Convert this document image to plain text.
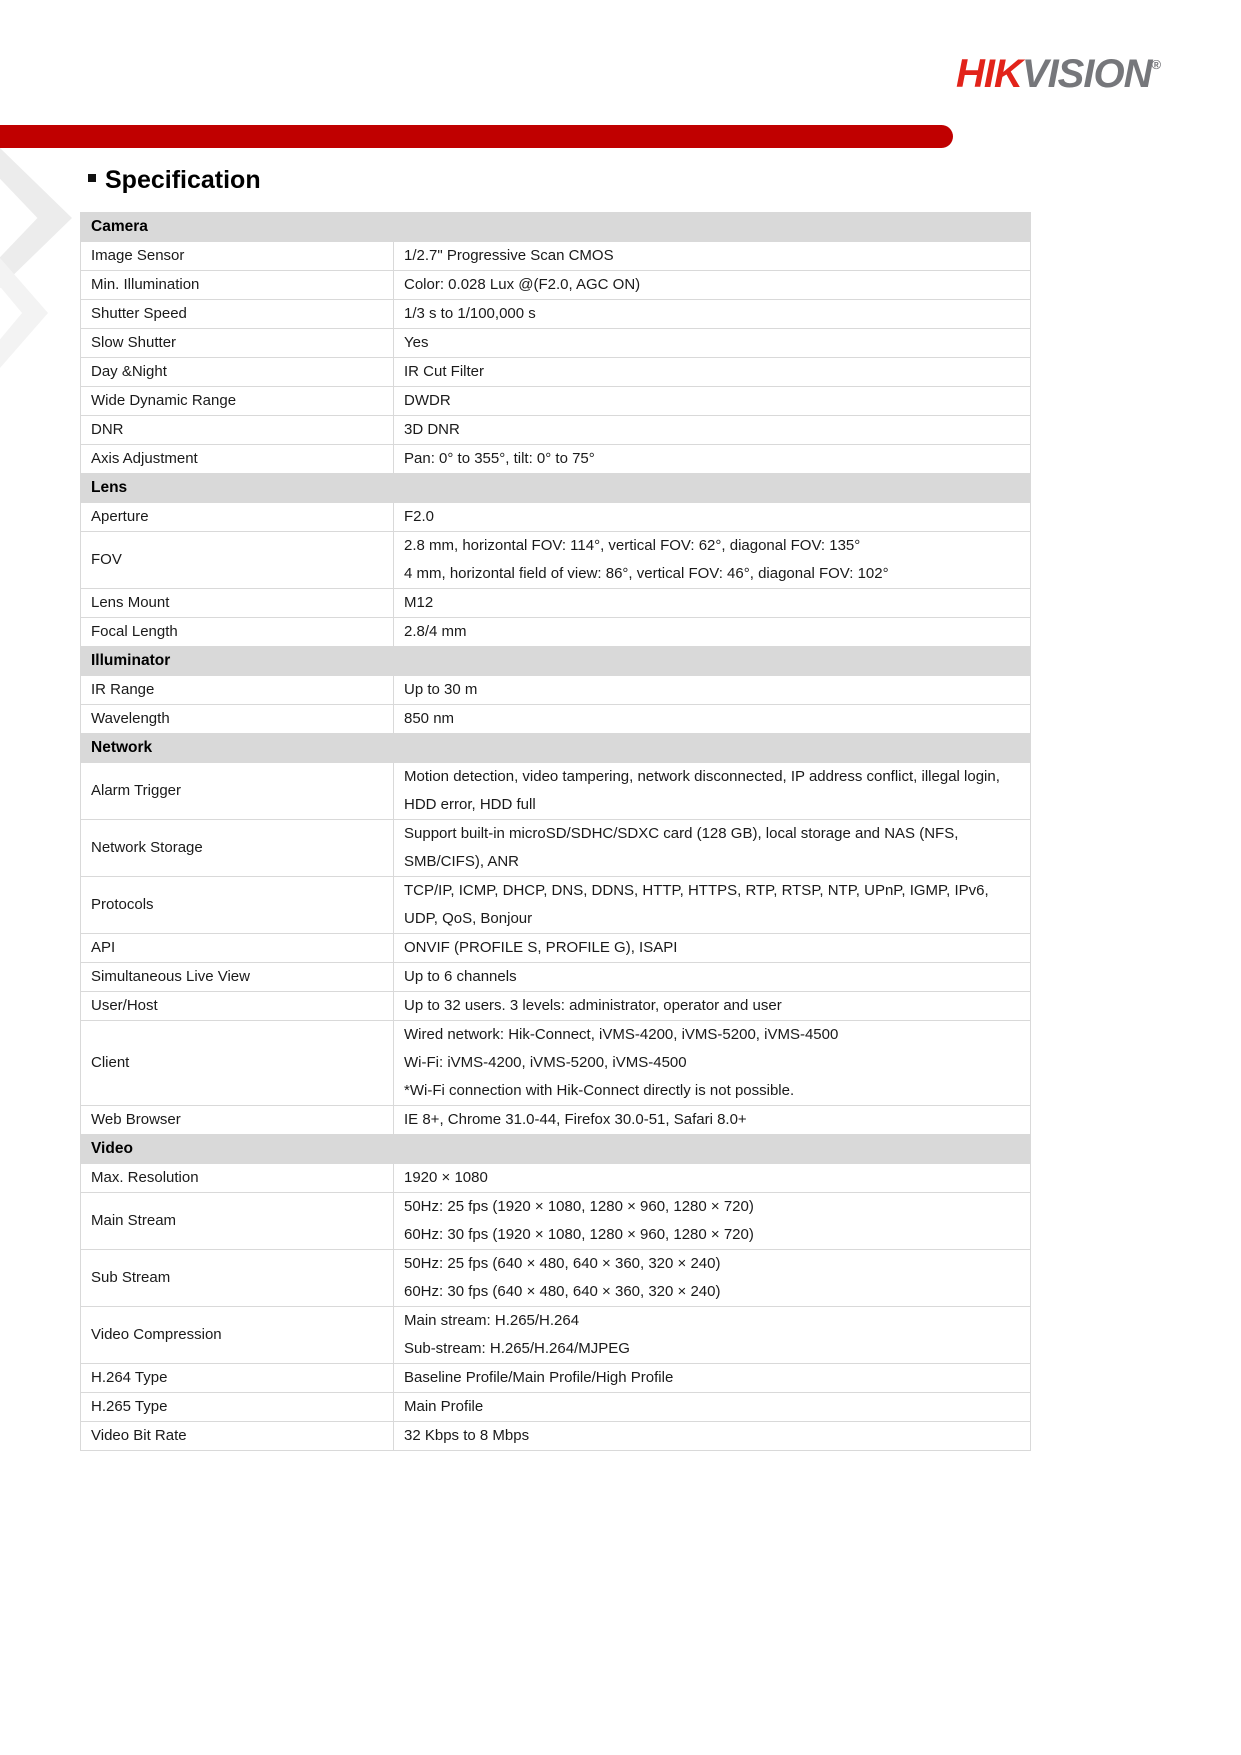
HIKVISION®
Specification
Camera	
Image Sensor	1/2.7" Progressive Scan CMOS

Min. Illumination	Color: 0.028 Lux @(F2.0, AGC ON)

Shutter Speed	1/3 s to 1/100,000 s

Slow Shutter	Yes

Day &Night	IR Cut Filter

Wide Dynamic Range	DWDR

DNR	3D DNR

Axis Adjustment	Pan: 0° to 355°, tilt: 0° to 75°

Lens	
Aperture	F2.0

FOV	2.8 mm, horizontal FOV: 114°, vertical FOV: 62°, diagonal FOV: 135°
4 mm, horizontal field of view: 86°, vertical FOV: 46°, diagonal FOV: 102°

Lens Mount	M12

Focal Length	2.8/4 mm

Illuminator	
IR Range	Up to 30 m

Wavelength	850 nm

Network	
Alarm Trigger	Motion detection, video tampering, network disconnected, IP address conflict, illegal login, HDD error, HDD full

Network Storage	Support built-in microSD/SDHC/SDXC card (128 GB), local storage and NAS (NFS, SMB/CIFS), ANR

Protocols	TCP/IP, ICMP, DHCP, DNS, DDNS, HTTP, HTTPS, RTP, RTSP, NTP, UPnP, IGMP, IPv6, UDP, QoS, Bonjour

API	ONVIF (PROFILE S, PROFILE G), ISAPI

Simultaneous Live View	Up to 6 channels

User/Host	Up to 32 users. 3 levels: administrator, operator and user

Client	Wired network: Hik-Connect, iVMS-4200, iVMS-5200, iVMS-4500
Wi-Fi: iVMS-4200, iVMS-5200, iVMS-4500
*Wi-Fi connection with Hik-Connect directly is not possible.

Web Browser	IE 8+, Chrome 31.0-44, Firefox 30.0-51, Safari 8.0+

Video	
Max. Resolution	1920 × 1080

Main Stream	50Hz: 25 fps (1920 × 1080, 1280 × 960, 1280 × 720)
60Hz: 30 fps (1920 × 1080, 1280 × 960, 1280 × 720)

Sub Stream	50Hz: 25 fps (640 × 480, 640 × 360, 320 × 240)
60Hz: 30 fps (640 × 480, 640 × 360, 320 × 240)

Video Compression	Main stream: H.265/H.264
Sub-stream: H.265/H.264/MJPEG

H.264 Type	Baseline Profile/Main Profile/High Profile

H.265 Type	Main Profile

Video Bit Rate	32 Kbps to 8 Mbps
